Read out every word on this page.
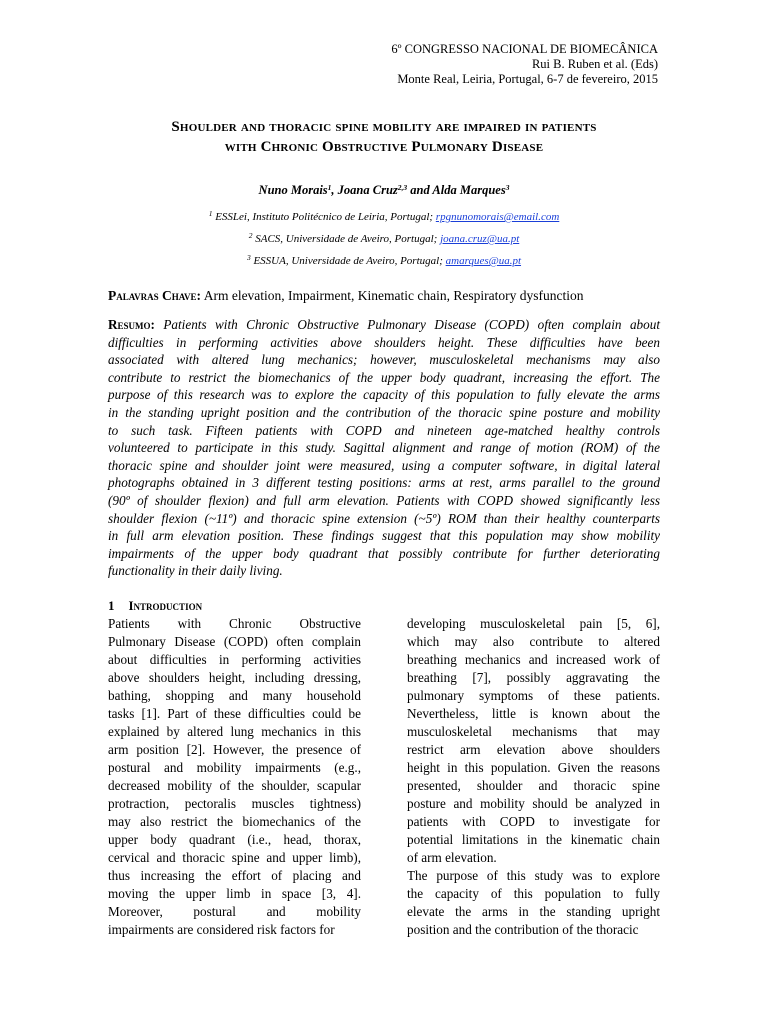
6º CONGRESSO NACIONAL DE BIOMECÂNICA
Rui B. Ruben et al. (Eds)
Monte Real, Leiria, Portugal, 6-7 de fevereiro, 2015
Shoulder and thoracic spine mobility are impaired in patients
with Chronic Obstructive Pulmonary Disease
Nuno Morais$^1$, Joana Cruz$^{2,3}$ and Alda Marques$^3$
$^1$ ESSLei, Instituto Politécnico de Leiria, Portugal; rpgnunomorais@email.com
$^2$ SACS, Universidade de Aveiro, Portugal; joana.cruz@ua.pt
$^3$ ESSUA, Universidade de Aveiro, Portugal; amarques@ua.pt
Palavras Chave: Arm elevation, Impairment, Kinematic chain, Respiratory dysfunction
Resumo: Patients with Chronic Obstructive Pulmonary Disease (COPD) often complain about
difficulties in performing activities above shoulders height. These difficulties have been
associated with altered lung mechanics; however, musculoskeletal mechanisms may also
contribute to restrict the biomechanics of the upper body quadrant, increasing the effort. The
purpose of this research was to explore the capacity of this population to fully elevate the arms
in the standing upright position and the contribution of the thoracic spine posture and mobility
to such task. Fifteen patients with COPD and nineteen age-matched healthy controls
volunteered to participate in this study. Sagittal alignment and range of motion (ROM) of the
thoracic spine and shoulder joint were measured, using a computer software, in digital lateral
photographs obtained in 3 different testing positions: arms at rest, arms parallel to the ground
(90º of shoulder flexion) and full arm elevation. Patients with COPD showed significantly less
shoulder flexion (~11º) and thoracic spine extension (~5º) ROM than their healthy counterparts
in full arm elevation position. These findings suggest that this population may show mobility
impairments of the upper body quadrant that possibly contribute for further deteriorating
functionality in their daily living.
1 Introduction
Patients with Chronic Obstructive
Pulmonary Disease (COPD) often complain
about difficulties in performing activities
above shoulders height, including dressing,
bathing, shopping and many household
tasks [1]. Part of these difficulties could be
explained by altered lung mechanics in this
arm position [2]. However, the presence of
postural and mobility impairments (e.g.,
decreased mobility of the shoulder, scapular
protraction, pectoralis muscles tightness)
may also restrict the biomechanics of the
upper body quadrant (i.e., head, thorax,
cervical and thoracic spine and upper limb),
thus increasing the effort of placing and
moving the upper limb in space [3, 4].
Moreover, postural and mobility
impairments are considered risk factors for
developing musculoskeletal pain [5, 6],
which may also contribute to altered
breathing mechanics and increased work of
breathing [7], possibly aggravating the
pulmonary symptoms of these patients.
Nevertheless, little is known about the
musculoskeletal mechanisms that may
restrict arm elevation above shoulders
height in this population. Given the reasons
presented, shoulder and thoracic spine
posture and mobility should be analyzed in
patients with COPD to investigate for
potential limitations in the kinematic chain
of arm elevation.
The purpose of this study was to explore
the capacity of this population to fully
elevate the arms in the standing upright
position and the contribution of the thoracic
